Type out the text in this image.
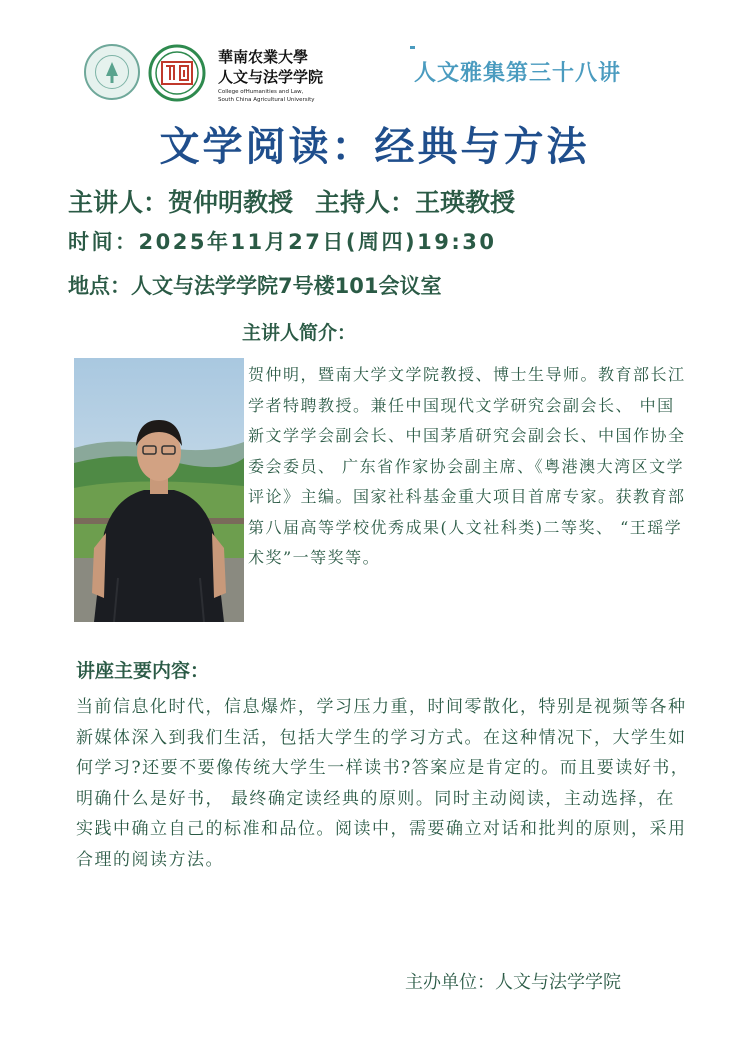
華南农業大學
人文与法学学院
College ofHumanities and Law,
South China Agricultural University
人文雅集第三十八讲
文学阅读：经典与方法
主讲人：贺仲明教授 主持人：王瑛教授
时间：2025年11月27日(周四)19:30
地点：人文与法学学院7号楼101会议室
主讲人简介：
贺仲明，暨南大学文学院教授、博士生导师。教育部长江学者特聘教授。兼任中国现代文学研究会副会长、 中国新文学学会副会长、中国茅盾研究会副会长、中国作协全委会委员、 广东省作家协会副主席、《粤港澳大湾区文学评论》主编。国家社科基金重大项目首席专家。获教育部第八届高等学校优秀成果(人文社科类)二等奖、 “王瑶学术奖”一等奖等。
讲座主要内容：
当前信息化时代，信息爆炸，学习压力重，时间零散化，特别是视频等各种新媒体深入到我们生活，包括大学生的学习方式。在这种情况下，大学生如何学习?还要不要像传统大学生一样读书?答案应是肯定的。而且要读好书，明确什么是好书， 最终确定读经典的原则。同时主动阅读，主动选择，在实践中确立自己的标准和品位。阅读中，需要确立对话和批判的原则，采用合理的阅读方法。
主办单位：人文与法学学院
